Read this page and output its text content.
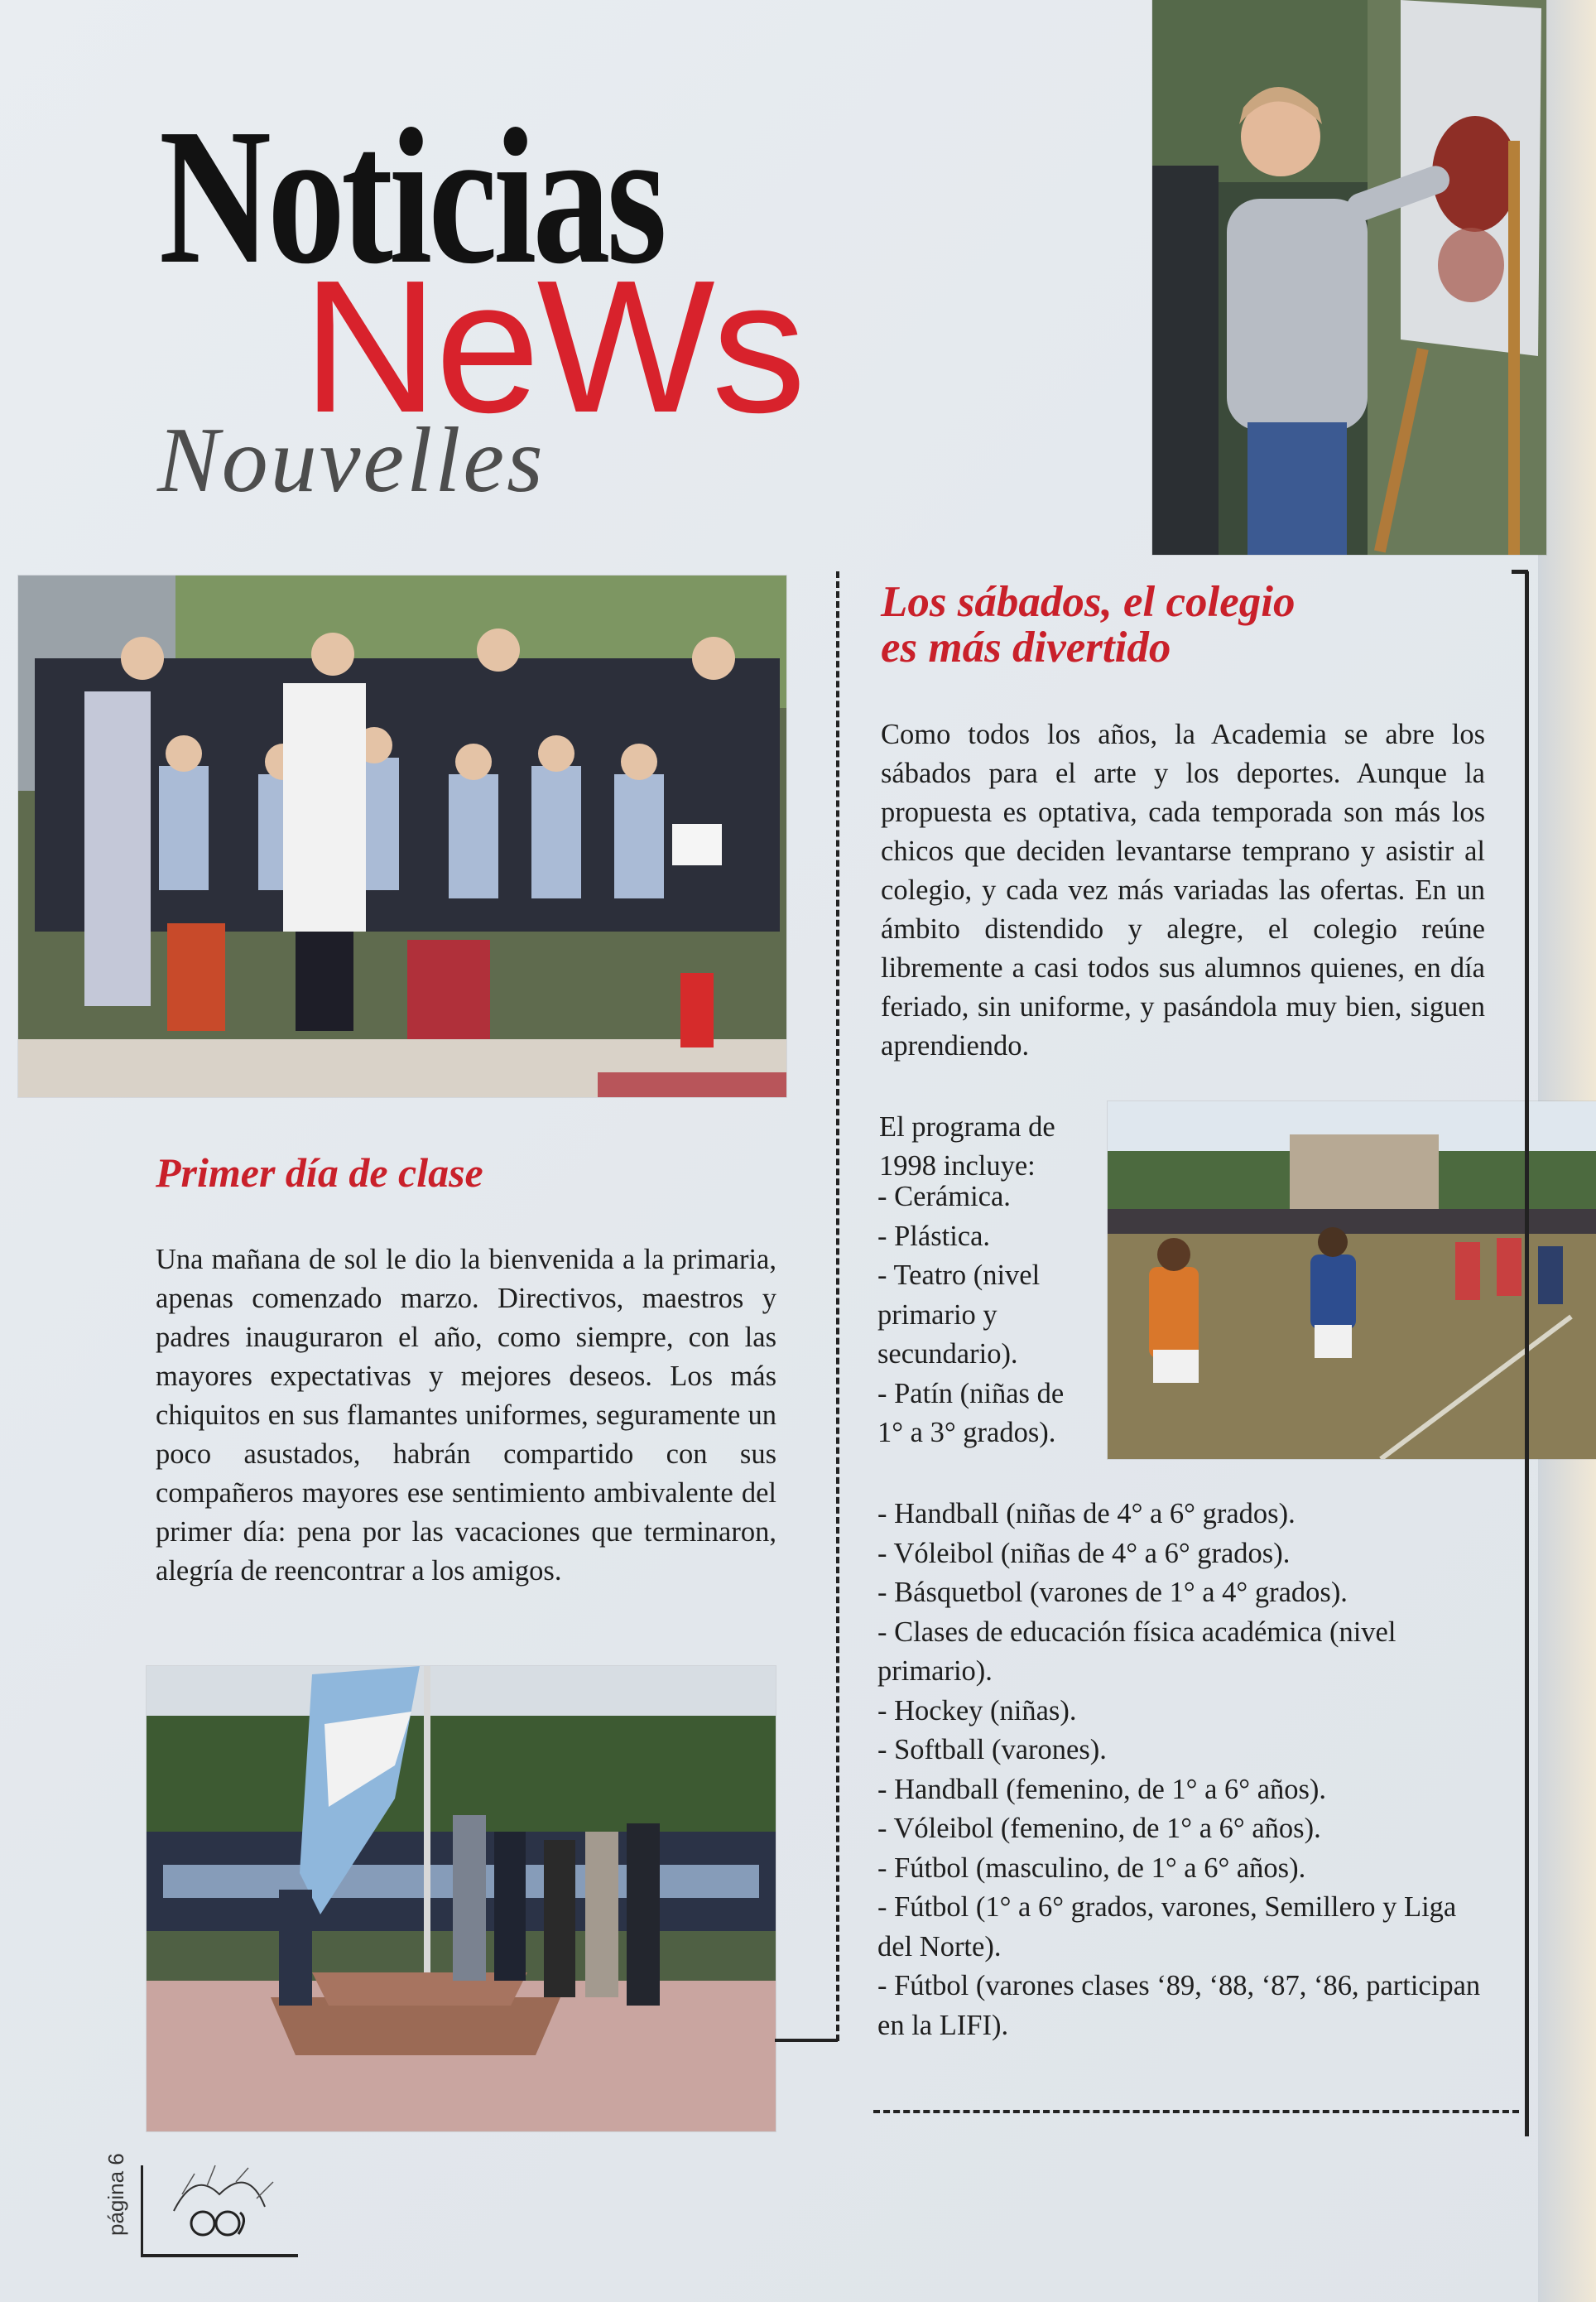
Noticias
NeWs
Nouvelles
Los sábados, el colegio
es más divertido

Como todos los años, la Academia se abre los sábados para el arte y los deportes. Aunque la propuesta es optativa, cada temporada son más los chicos que deciden levantarse temprano y asistir al colegio, y cada vez más variadas las ofertas. En un ámbito distendido y alegre, el colegio reúne libremente a casi todos sus alumnos quienes, en día feriado, sin uniforme, y pasándola muy bien, siguen aprendiendo.

El programa de 1998 incluye:

- Cerámica.
- Plástica.
- Teatro (nivel primario y secundario).
- Patín (niñas de 1° a 3° grados).
- Handball (niñas de 4° a 6° grados).
- Vóleibol (niñas de 4° a 6° grados).
- Básquetbol (varones de 1° a 4° grados).
- Clases de educación física académica (nivel primario).
- Hockey (niñas).
- Softball (varones).
- Handball (femenino, de 1° a 6° años).
- Vóleibol (femenino, de 1° a 6° años).
- Fútbol (masculino, de 1° a 6° años).
- Fútbol (1° a 6° grados, varones, Semillero y Liga del Norte).
- Fútbol (varones clases ‘89, ‘88, ‘87, ‘86, participan en la LIFI).
Primer día de clase

Una mañana de sol le dio la bienvenida a la primaria, apenas comenzado marzo. Directivos, maestros y padres inauguraron el año, como siempre, con las mayores expectativas y mejores deseos. Los más chiquitos en sus flamantes uniformes, seguramente un poco asustados, habrán compartido con sus compañeros mayores ese sentimiento ambivalente del primer día: pena por las vacaciones que terminaron, alegría de reencontrar a los amigos.

página 6
